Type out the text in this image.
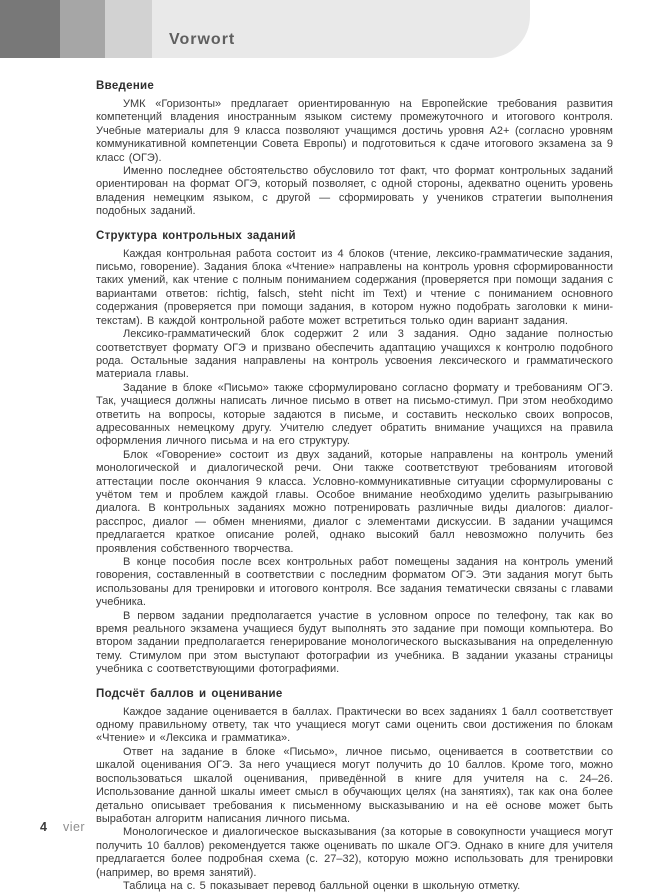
Vorwort
Введение

УМК «Горизонты» предлагает ориентированную на Европейские требования развития компетенций владения иностранным языком систему промежуточного и итогового контроля. Учебные материалы для 9 класса позволяют учащимся достичь уровня А2+ (согласно уровням коммуникативной компетенции Совета Европы) и подготовиться к сдаче итогового экзамена за 9 класс (ОГЭ).

Именно последнее обстоятельство обусловило тот факт, что формат контрольных заданий ориентирован на формат ОГЭ, который позволяет, с одной стороны, адекватно оценить уровень владения немецким языком, с другой — сформировать у учеников стратегии выполнения подобных заданий.

Структура контрольных заданий

Каждая контрольная работа состоит из 4 блоков (чтение, лексико-грамматические задания, письмо, говорение). Задания блока «Чтение» направлены на контроль уровня сформированности таких умений, как чтение с полным пониманием содержания (проверяется при помощи задания с вариантами ответов: richtig, falsch, steht nicht im Text) и чтение с пониманием основного содержания (проверяется при помощи задания, в котором нужно подобрать заголовки к мини-текстам). В каждой контрольной работе может встретиться только один вариант задания.

Лексико-грамматический блок содержит 2 или 3 задания. Одно задание полностью соответствует формату ОГЭ и призвано обеспечить адаптацию учащихся к контролю подобного рода. Остальные задания направлены на контроль усвоения лексического и грамматического материала главы.

Задание в блоке «Письмо» также сформулировано согласно формату и требованиям ОГЭ. Так, учащиеся должны написать личное письмо в ответ на письмо-стимул. При этом необходимо ответить на вопросы, которые задаются в письме, и составить несколько своих вопросов, адресованных немецкому другу. Учителю следует обратить внимание учащихся на правила оформления личного письма и на его структуру.

Блок «Говорение» состоит из двух заданий, которые направлены на контроль умений монологической и диалогической речи. Они также соответствуют требованиям итоговой аттестации после окончания 9 класса. Условно-коммуникативные ситуации сформулированы с учётом тем и проблем каждой главы. Особое внимание необходимо уделить разыгрыванию диалога. В контрольных заданиях можно потренировать различные виды диалогов: диалог-расспрос, диалог — обмен мнениями, диалог с элементами дискуссии. В задании учащимся предлагается краткое описание ролей, однако высокий балл невозможно получить без проявления собственного творчества.

В конце пособия после всех контрольных работ помещены задания на контроль умений говорения, составленный в соответствии с последним форматом ОГЭ. Эти задания могут быть использованы для тренировки и итогового контроля. Все задания тематически связаны с главами учебника.

В первом задании предполагается участие в условном опросе по телефону, так как во время реального экзамена учащиеся будут выполнять это задание при помощи компьютера. Во втором задании предполагается генерирование монологического высказывания на определенную тему. Стимулом при этом выступают фотографии из учебника. В задании указаны страницы учебника с соответствующими фотографиями.

Подсчёт баллов и оценивание

Каждое задание оценивается в баллах. Практически во всех заданиях 1 балл соответствует одному правильному ответу, так что учащиеся могут сами оценить свои достижения по блокам «Чтение» и «Лексика и грамматика».

Ответ на задание в блоке «Письмо», личное письмо, оценивается в соответствии со шкалой оценивания ОГЭ. За него учащиеся могут получить до 10 баллов. Кроме того, можно воспользоваться шкалой оценивания, приведённой в книге для учителя на с. 24–26. Использование данной шкалы имеет смысл в обучающих целях (на занятиях), так как она более детально описывает требования к письменному высказыванию и на её основе может быть выработан алгоритм написания личного письма.

Монологическое и диалогическое высказывания (за которые в совокупности учащиеся могут получить 10 баллов) рекомендуется также оценивать по шкале ОГЭ. Однако в книге для учителя предлагается более подробная схема (с. 27–32), которую можно использовать для тренировки (например, во время занятий).

Таблица на с. 5 показывает перевод балльной оценки в школьную отметку.

4 vier
